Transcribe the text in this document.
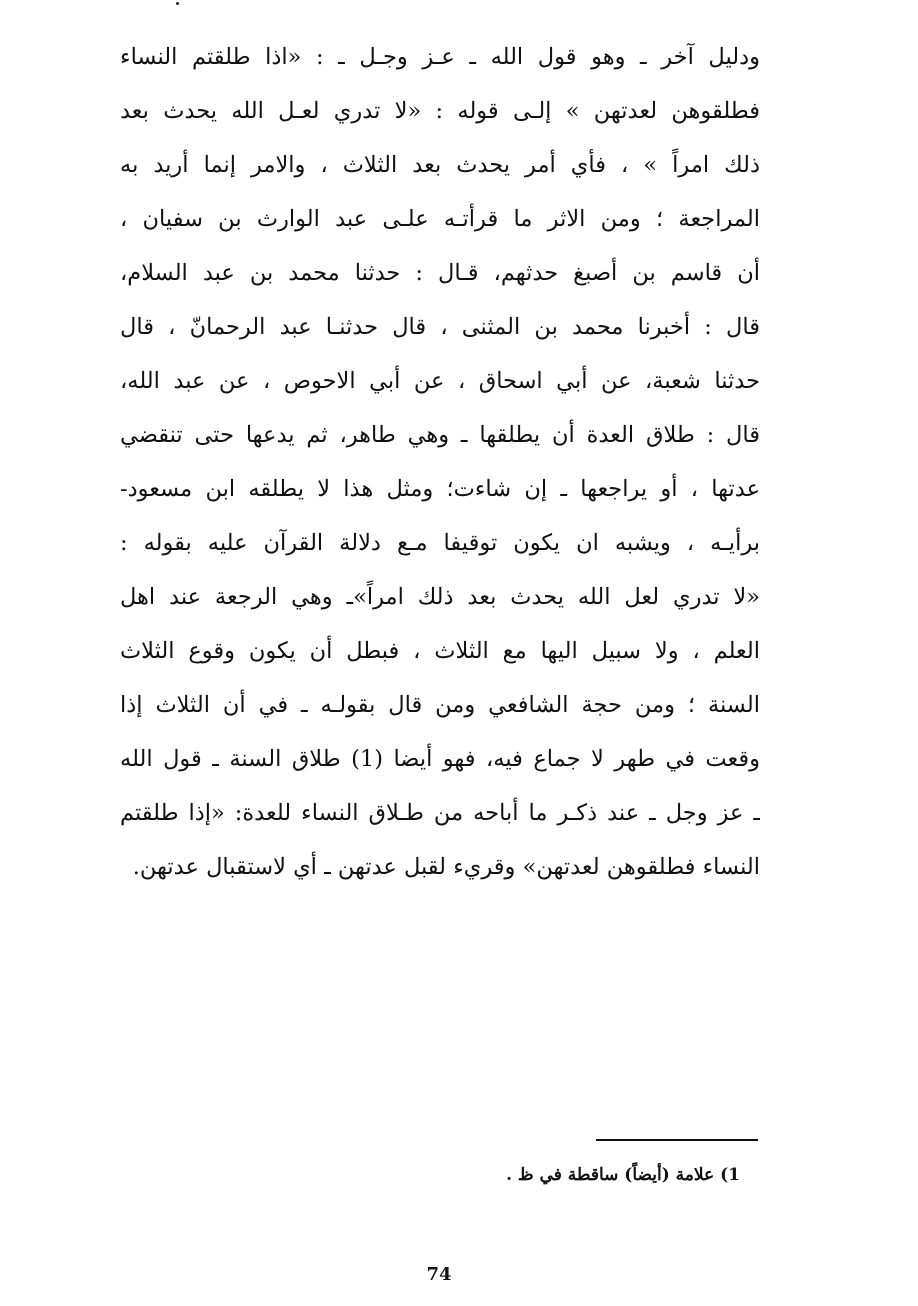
ودليل آخر ـ وهو قول الله ـ عـز وجـل ـ : «اذا طلقتم النساء
فطلقوهن لعدتهن » إلـى قوله : «لا تدري لعـل الله يحدث بعد
ذلك امراً » ، فأي أمر يحدث بعد الثلاث ، والامر إنما أريد به
المراجعة ؛ ومن الاثر ما قرأتـه علـى عبد الوارث بن سفيان ،
أن قاسم بن أصبغ حدثهم، قـال : حدثنا محمد بن عبد السلام،
قال : أخبرنا محمد بن المثنى ، قال حدثنـا عبد الرحمانّ ، قال
حدثنا شعبة، عن أبي اسحاق ، عن أبي الاحوص ، عن عبد الله،
قال : طلاق العدة أن يطلقها ـ وهي طاهر، ثم يدعها حتى تنقضي
عدتها ، أو يراجعها ـ إن شاءت؛ ومثل هذا لا يطلقه ابن مسعود-
برأيـه ، ويشبه ان يكون توقيفا مـع دلالة القرآن عليه بقوله :
«لا تدري لعل الله يحدث بعد ذلك امراً»ـ وهي الرجعة عند اهل
العلم ، ولا سبيل اليها مع الثلاث ، فبطل أن يكون وقوع الثلاث
السنة ؛ ومن حجة الشافعي ومن قال بقولـه ـ في أن الثلاث إذا
وقعت في طهر لا جماع فيه، فهو أيضا (1) طلاق السنة ـ قول الله
ـ عز وجل ـ عند ذكـر ما أباحه من طـلاق النساء للعدة: «إذا طلقتم
النساء فطلقوهن لعدتهن» وقريء لقبل عدتهن ـ أي لاستقبال عدتهن.
1) علامة (أيضاً) ساقطة في ظ .
74
